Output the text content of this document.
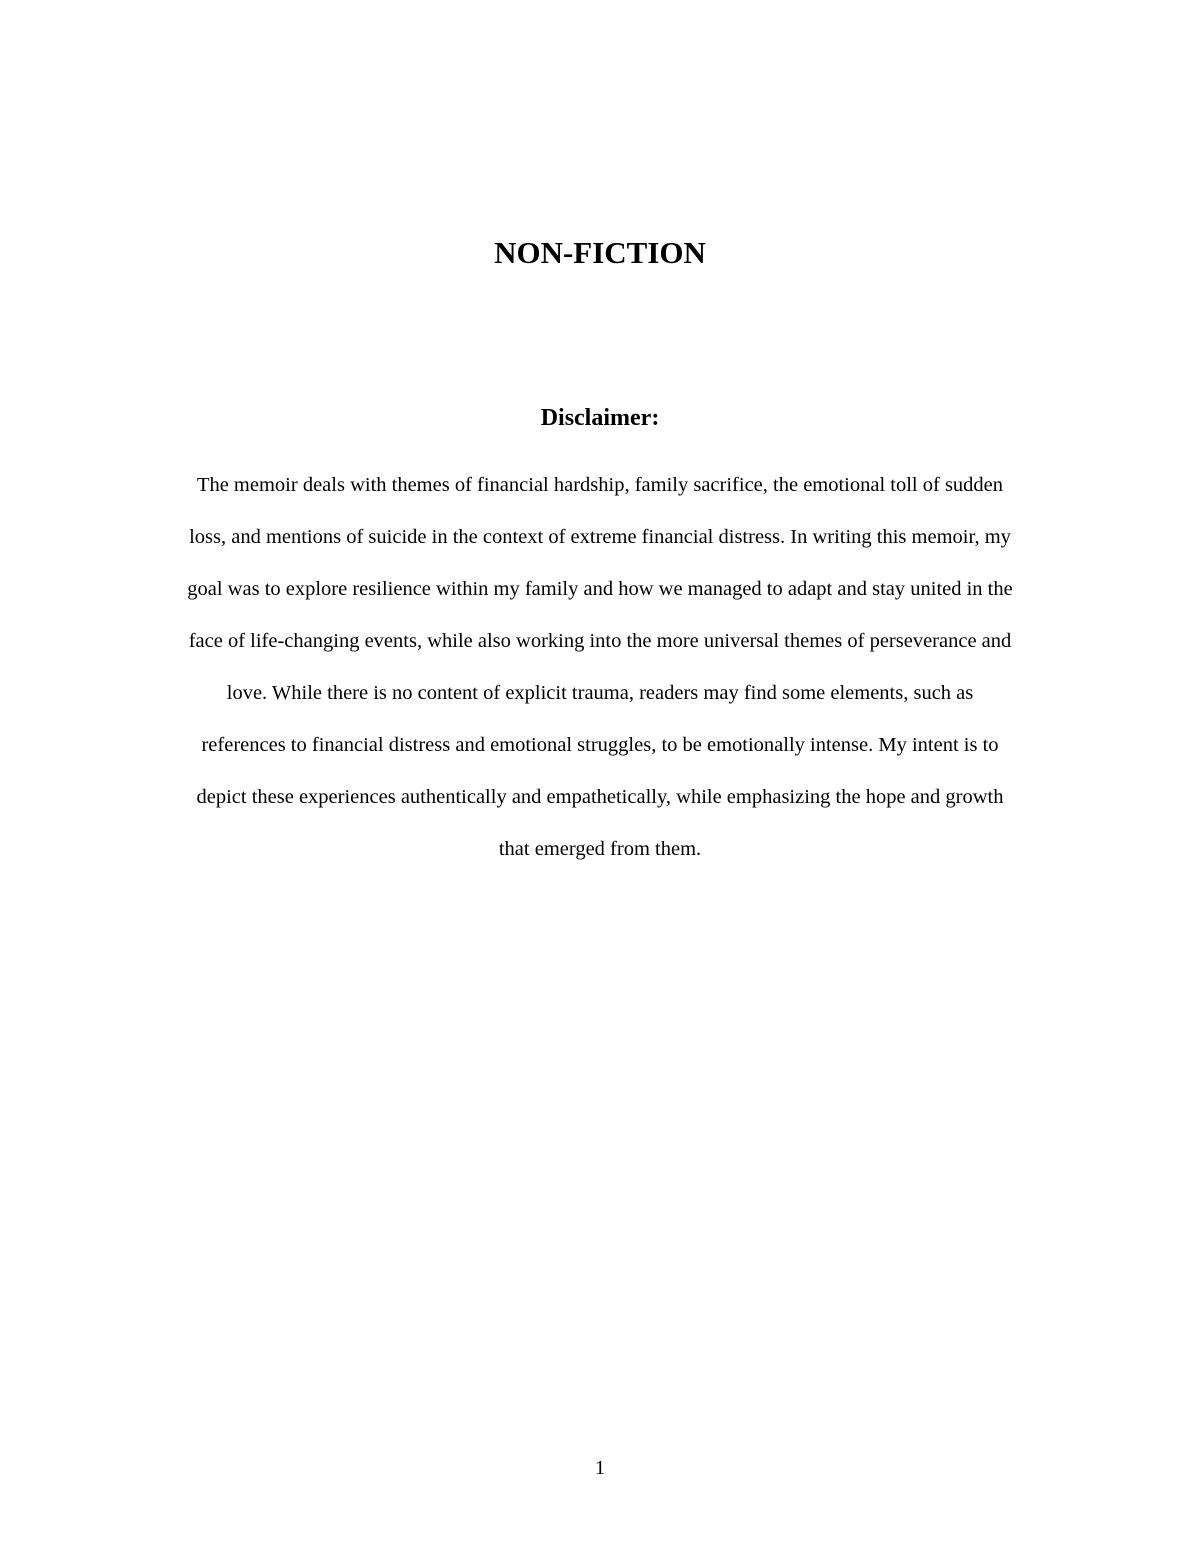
NON-FICTION
Disclaimer:

The memoir deals with themes of financial hardship, family sacrifice, the emotional toll of sudden
loss, and mentions of suicide in the context of extreme financial distress. In writing this memoir, my
goal was to explore resilience within my family and how we managed to adapt and stay united in the
face of life-changing events, while also working into the more universal themes of perseverance and
love. While there is no content of explicit trauma, readers may find some elements, such as
references to financial distress and emotional struggles, to be emotionally intense. My intent is to
depict these experiences authentically and empathetically, while emphasizing the hope and growth
that emerged from them.

1
